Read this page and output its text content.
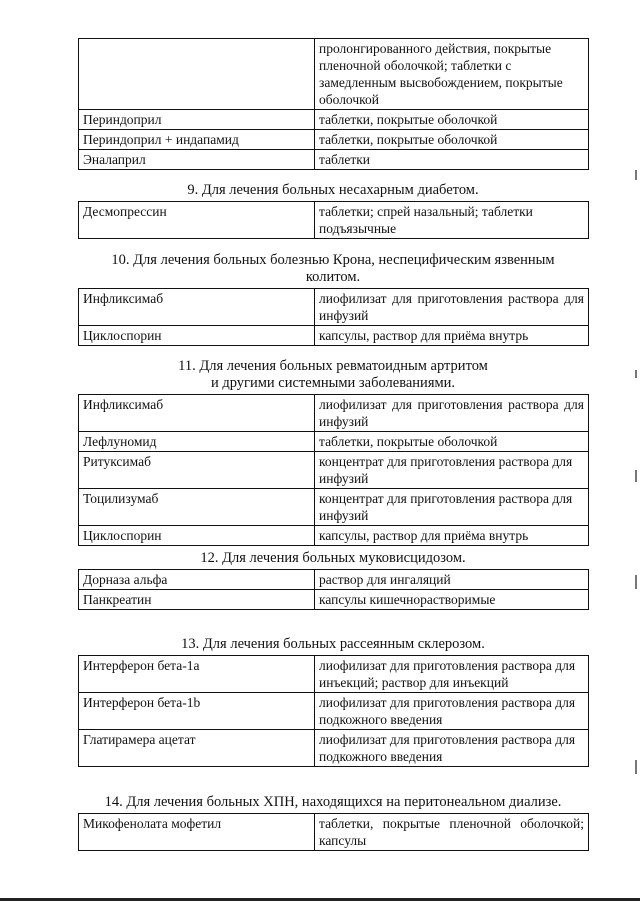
	пролонгированного действия, покрытые пленочной оболочкой; таблетки с замедленным высвобождением, покрытые оболочкой
Периндоприл	таблетки, покрытые оболочкой
Периндоприл + индапамид	таблетки, покрытые оболочкой
Эналаприл	таблетки

9. Для лечения больных несахарным диабетом.

Десмопрессин	таблетки; спрей назальный; таблетки подъязычные

10. Для лечения больных болезнью Крона, неспецифическим язвенным колитом.

Инфликсимаб	лиофилизат для приготовления раствора для инфузий
Циклоспорин	капсулы, раствор для приёма внутрь

11. Для лечения больных ревматоидным артритом

и другими системными заболеваниями.

Инфликсимаб	лиофилизат для приготовления раствора для инфузий
Лефлуномид	таблетки, покрытые оболочкой
Ритуксимаб	концентрат для приготовления раствора для инфузий
Тоцилизумаб	концентрат для приготовления раствора для инфузий
Циклоспорин	капсулы, раствор для приёма внутрь

12. Для лечения больных муковисцидозом.

Дорназа альфа	раствор для ингаляций
Панкреатин	капсулы кишечнорастворимые

13. Для лечения больных рассеянным склерозом.

Интерферон бета-1а	лиофилизат для приготовления раствора для инъекций; раствор для инъекций
Интерферон бета-1b	лиофилизат для приготовления раствора для подкожного введения
Глатирамера ацетат	лиофилизат для приготовления раствора для подкожного введения

14. Для лечения больных ХПН, находящихся на перитонеальном диализе.

Микофенолата мофетил	таблетки, покрытые пленочной оболочкой; капсулы
